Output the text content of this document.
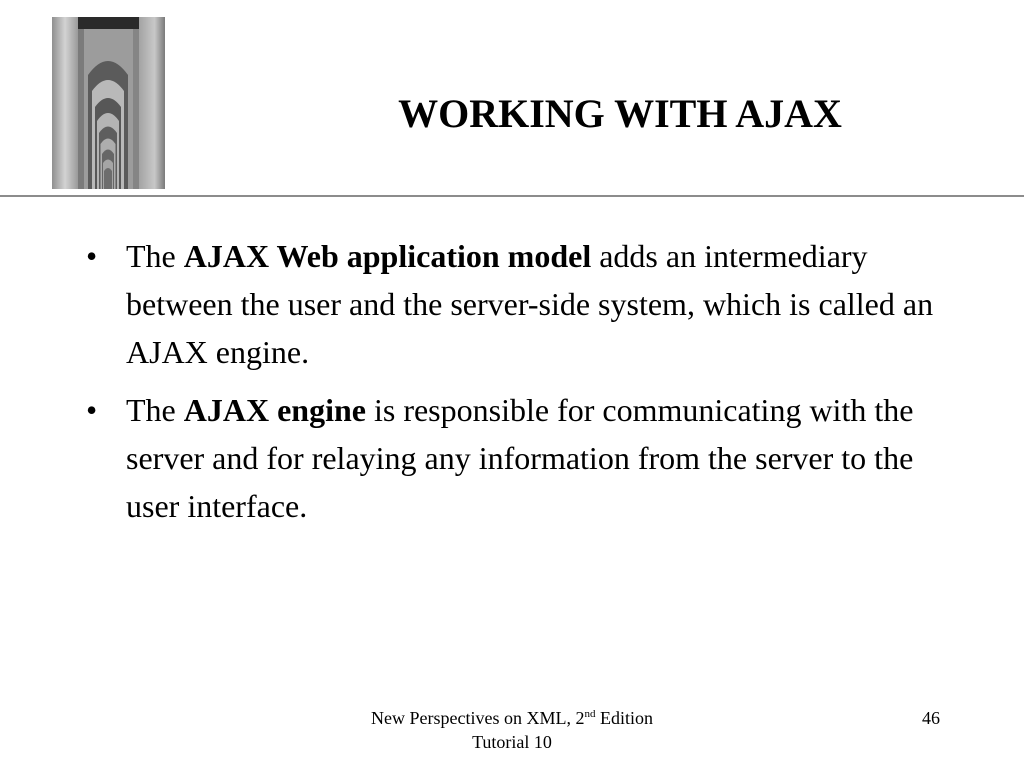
WORKING WITH AJAX
• The AJAX Web application model adds an intermediary between the user and the server-side system, which is called an AJAX engine.
• The AJAX engine is responsible for communicating with the server and for relaying any information from the server to the user interface.
New Perspectives on XML, 2nd Edition
Tutorial 10
46
